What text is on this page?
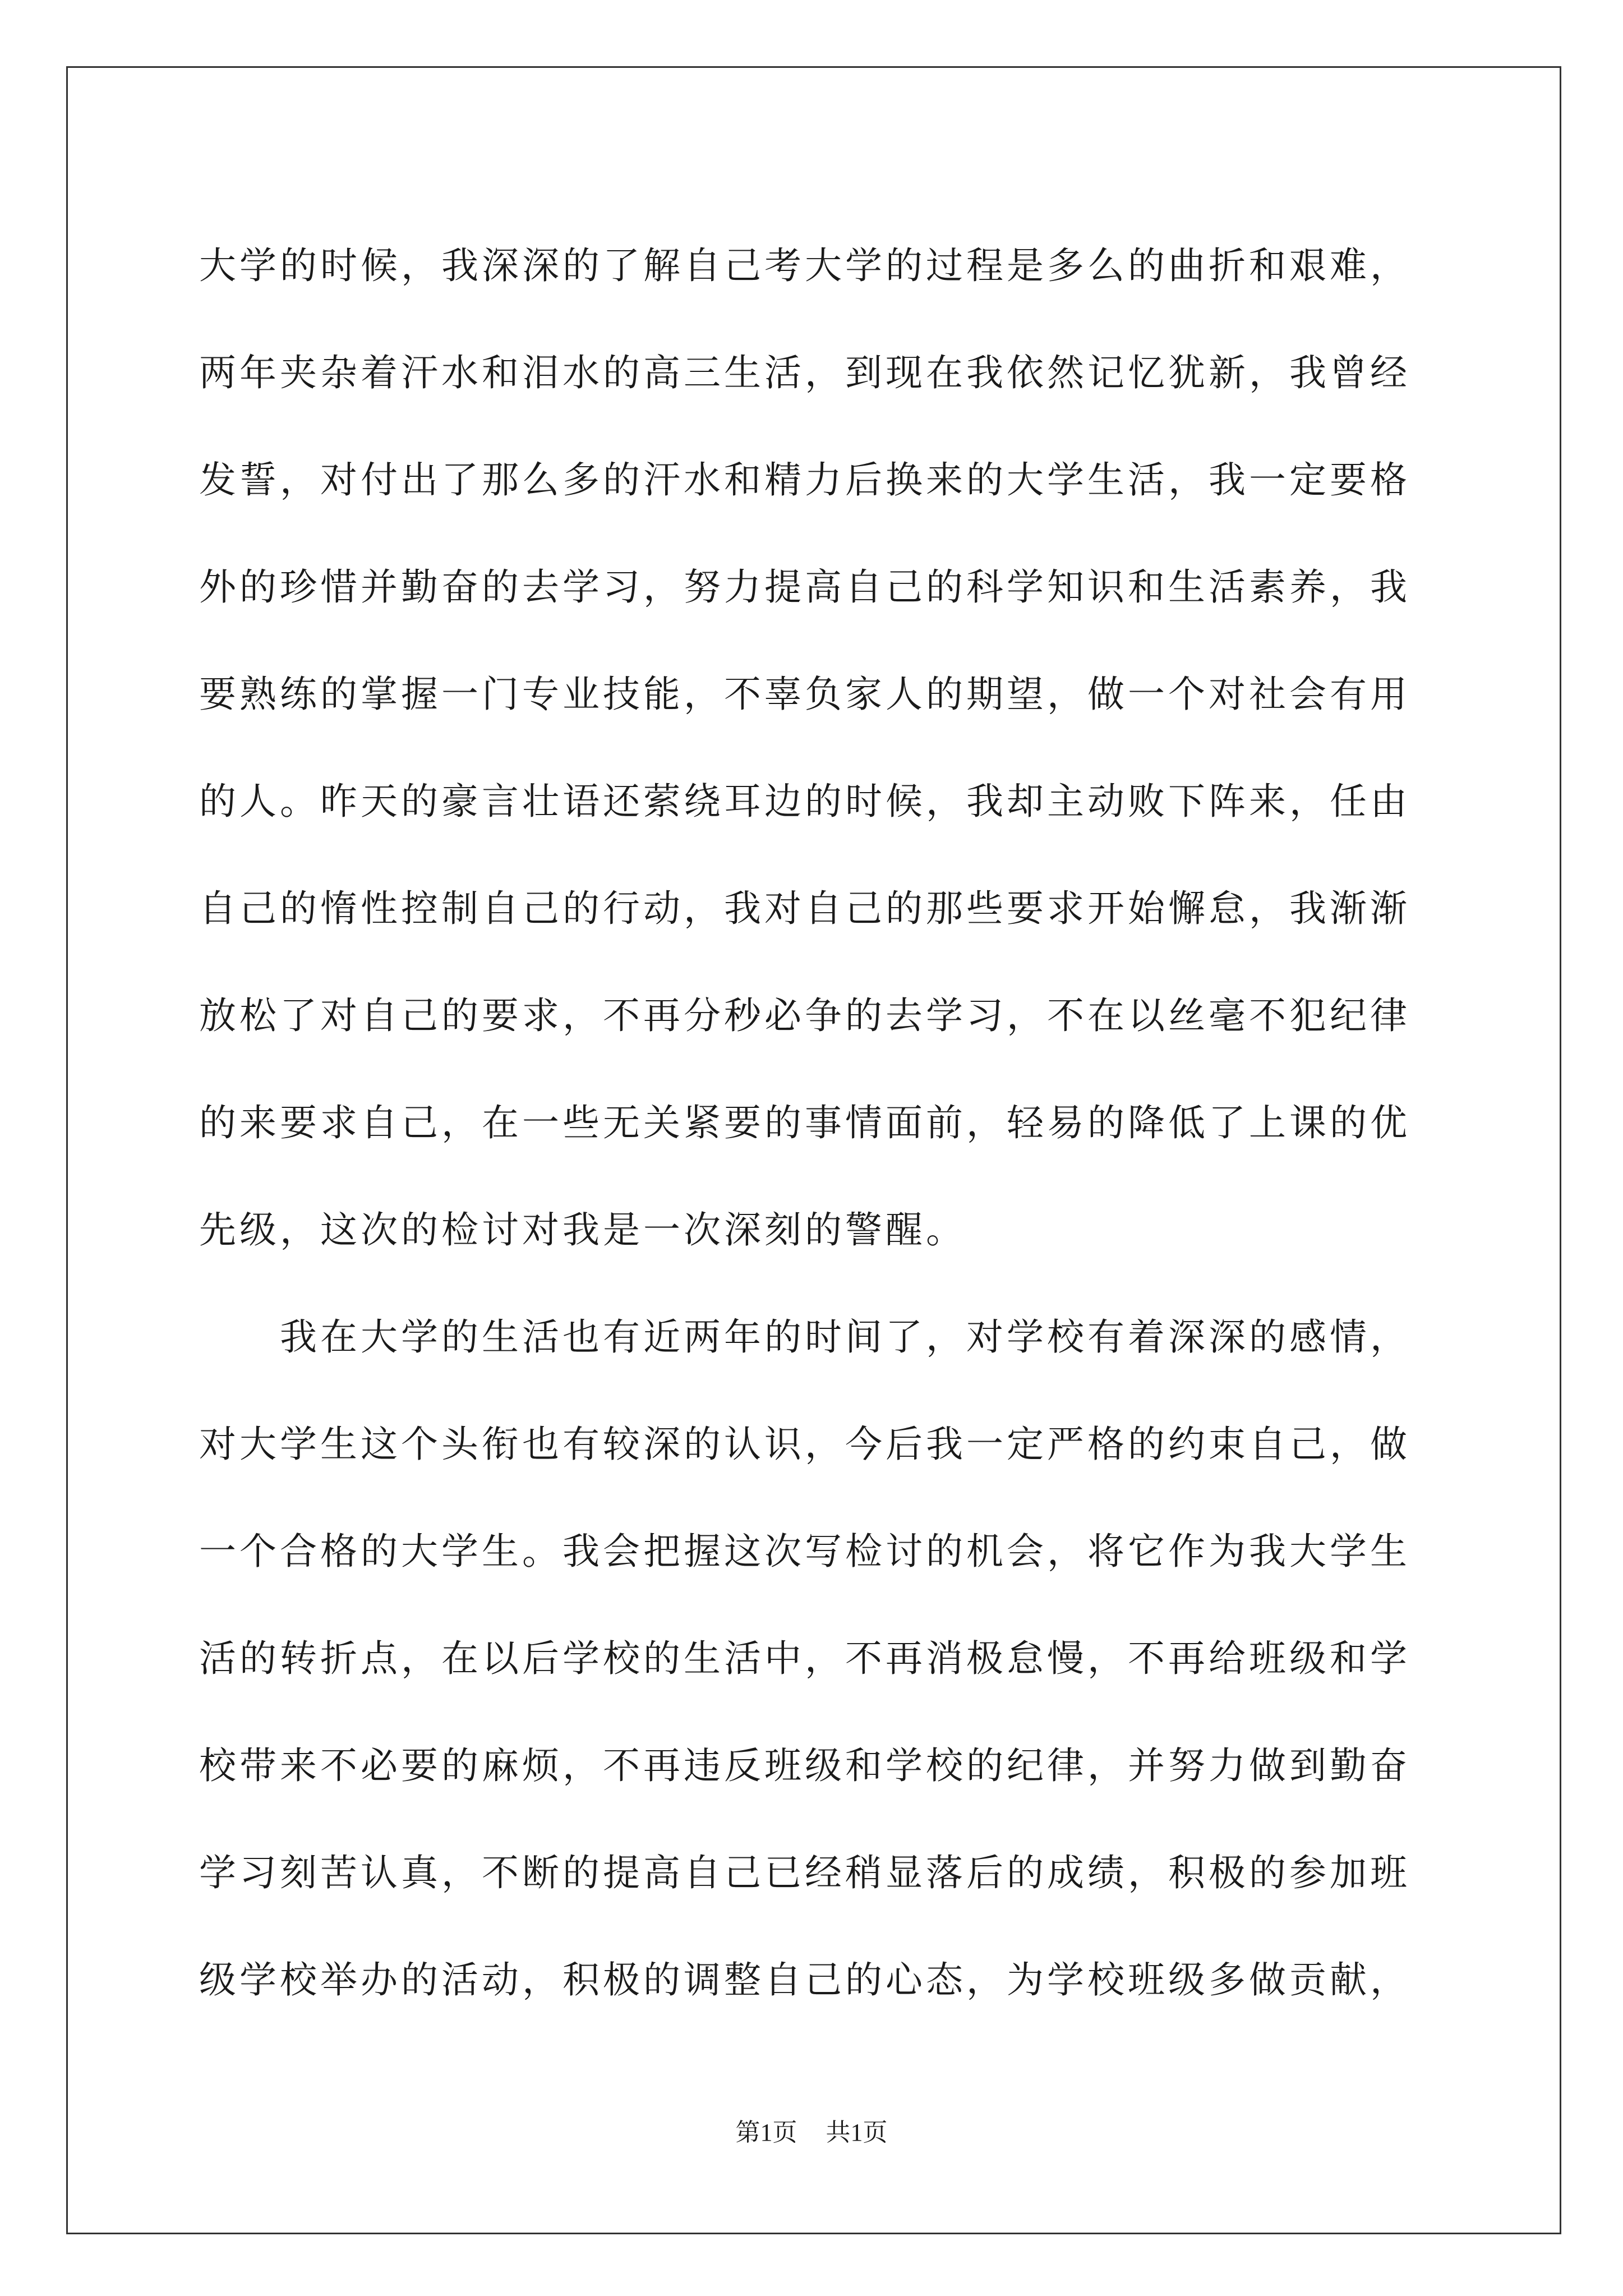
大学的时候，我深深的了解自己考大学的过程是多么的曲折和艰难，
两年夹杂着汗水和泪水的高三生活，到现在我依然记忆犹新，我曾经
发誓，对付出了那么多的汗水和精力后换来的大学生活，我一定要格
外的珍惜并勤奋的去学习，努力提高自己的科学知识和生活素养，我
要熟练的掌握一门专业技能，不辜负家人的期望，做一个对社会有用
的人。昨天的豪言壮语还萦绕耳边的时候，我却主动败下阵来，任由
自己的惰性控制自己的行动，我对自己的那些要求开始懈怠，我渐渐
放松了对自己的要求，不再分秒必争的去学习，不在以丝毫不犯纪律
的来要求自己，在一些无关紧要的事情面前，轻易的降低了上课的优
先级，这次的检讨对我是一次深刻的警醒。

我在大学的生活也有近两年的时间了，对学校有着深深的感情，
对大学生这个头衔也有较深的认识，今后我一定严格的约束自己，做
一个合格的大学生。我会把握这次写检讨的机会，将它作为我大学生
活的转折点，在以后学校的生活中，不再消极怠慢，不再给班级和学
校带来不必要的麻烦，不再违反班级和学校的纪律，并努力做到勤奋
学习刻苦认真，不断的提高自己已经稍显落后的成绩，积极的参加班
级学校举办的活动，积极的调整自己的心态，为学校班级多做贡献，

第1页 共1页
